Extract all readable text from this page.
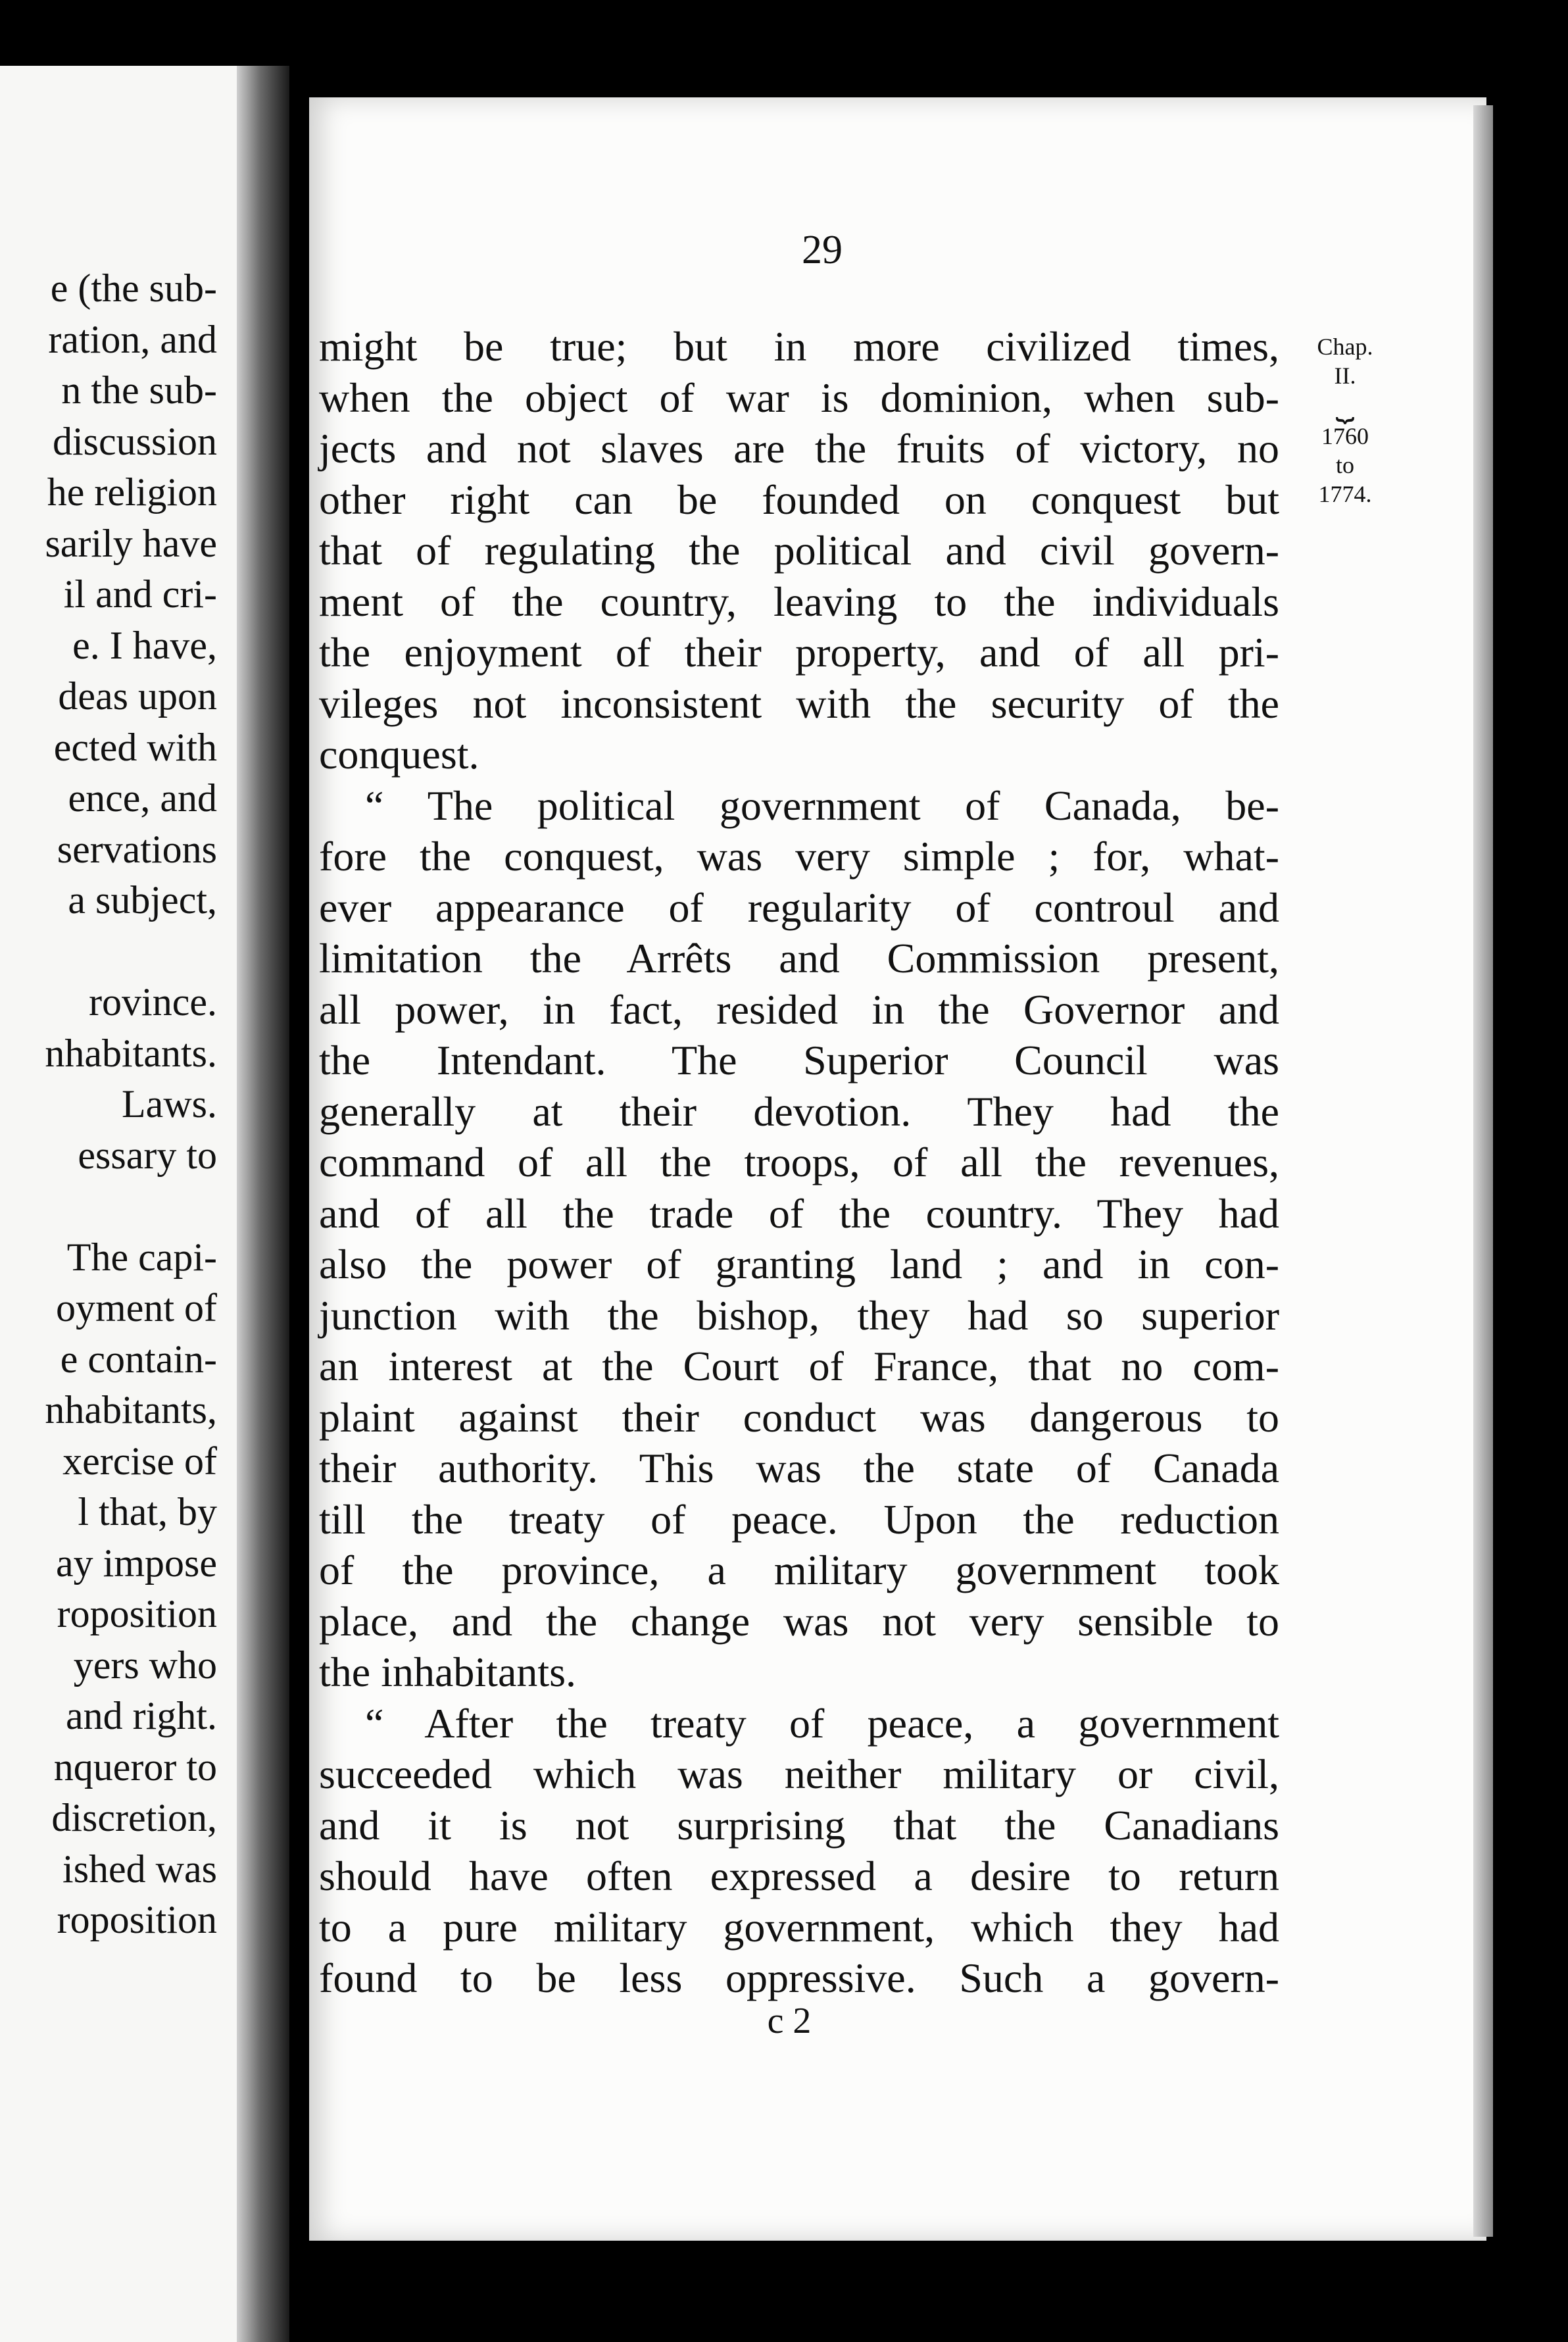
e (the sub-
ration, and
n the sub-
discussion
he religion
sarily have
il and cri-
e. I have,
deas upon
ected with
ence, and
servations
a subject,
rovince.
nhabitants.
Laws.
essary to
The capi-
oyment of
e contain-
nhabitants,
xercise of
l that, by
ay impose
roposition
yers who
and right.
nqueror to
discretion,
ished was
roposition
29
Chap.
II.
⏟
1760
to
1774.
might be true; but in more civilized times,
when the object of war is dominion, when sub-
jects and not slaves are the fruits of victory, no
other right can be founded on conquest but
that of regulating the political and civil govern-
ment of the country, leaving to the individuals
the enjoyment of their property, and of all pri-
vileges not inconsistent with the security of the
conquest.
“ The political government of Canada, be-
fore the conquest, was very simple ; for, what-
ever appearance of regularity of controul and
limitation the Arrêts and Commission present,
all power, in fact, resided in the Governor and
the Intendant. The Superior Council was
generally at their devotion. They had the
command of all the troops, of all the revenues,
and of all the trade of the country. They had
also the power of granting land ; and in con-
junction with the bishop, they had so superior
an interest at the Court of France, that no com-
plaint against their conduct was dangerous to
their authority. This was the state of Canada
till the treaty of peace. Upon the reduction
of the province, a military government took
place, and the change was not very sensible to
the inhabitants.
“ After the treaty of peace, a government
succeeded which was neither military or civil,
and it is not surprising that the Canadians
should have often expressed a desire to return
to a pure military government, which they had
found to be less oppressive. Such a govern-
c 2
